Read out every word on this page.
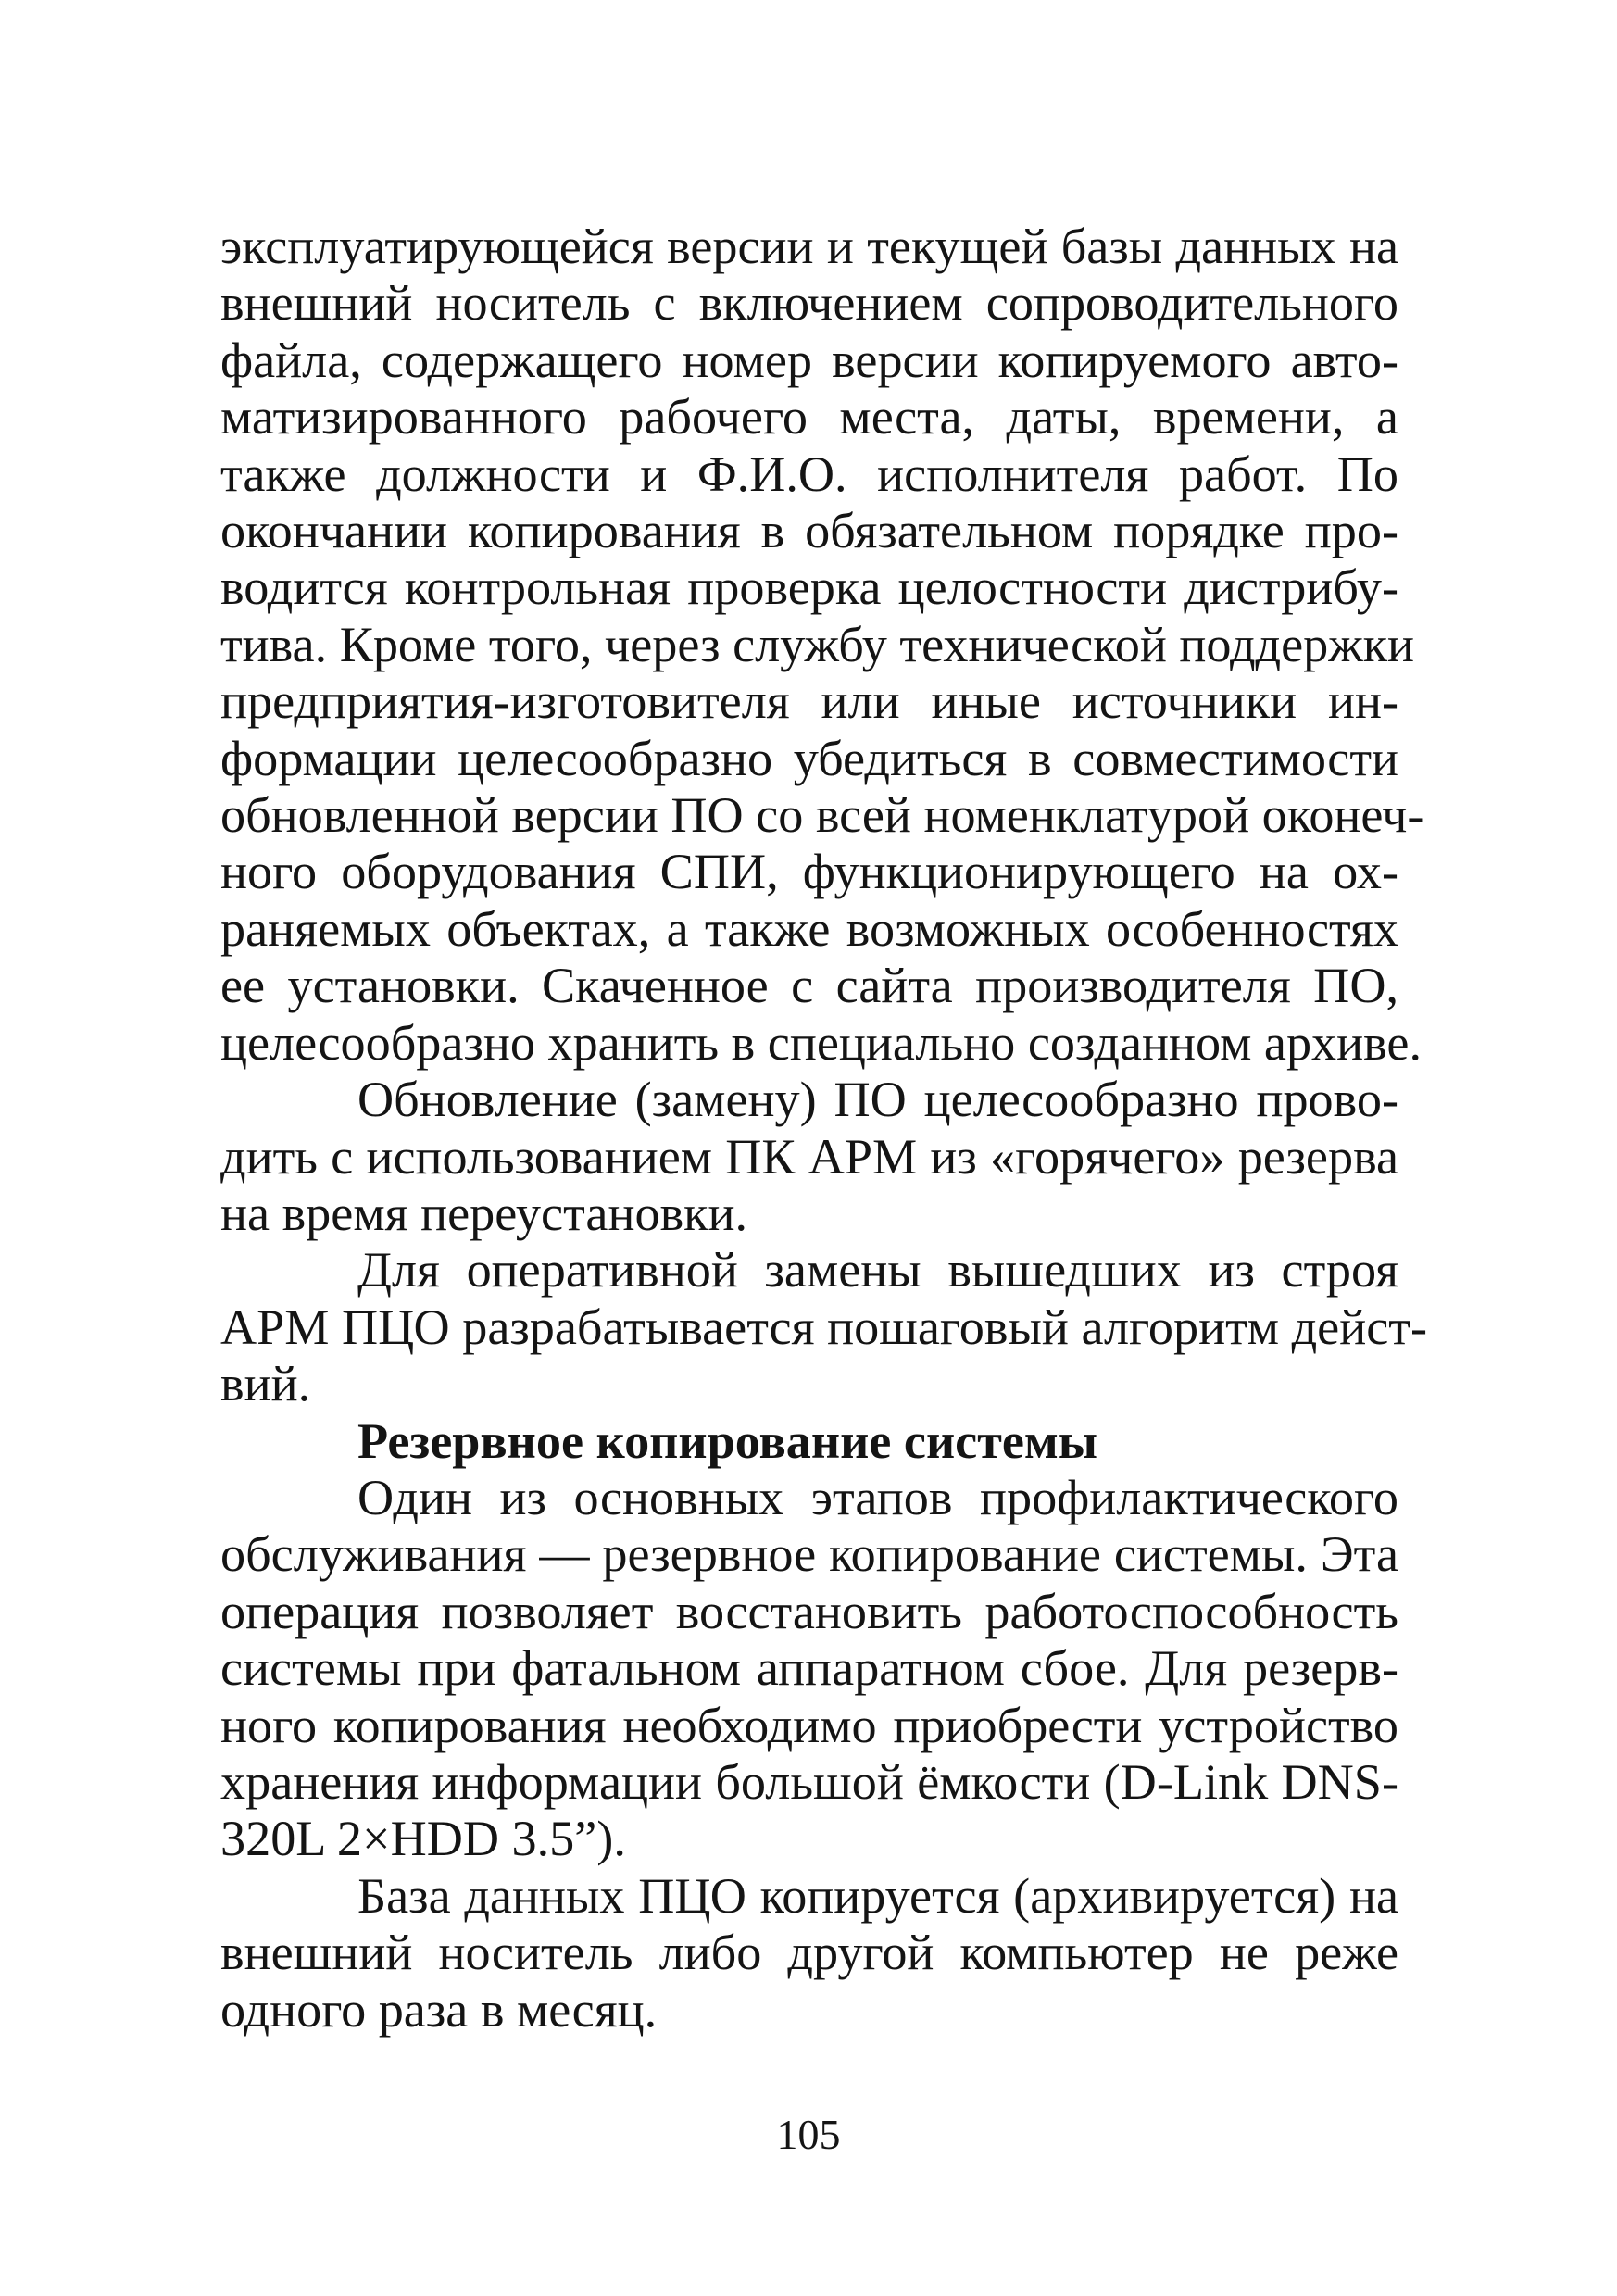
эксплуатирующейся версии и текущей базы данных на
внешний носитель с включением сопроводительного
файла, содержащего номер версии копируемого авто-
матизированного рабочего места, даты, времени, а
также должности и Ф.И.О. исполнителя работ. По
окончании копирования в обязательном порядке про-
водится контрольная проверка целостности дистрибу-
тива. Кроме того, через службу технической поддержки
предприятия-изготовителя или иные источники ин-
формации целесообразно убедиться в совместимости
обновленной версии ПО со всей номенклатурой оконеч-
ного оборудования СПИ, функционирующего на ох-
раняемых объектах, а также возможных особенностях
ее установки. Скаченное с сайта производителя ПО,
целесообразно хранить в специально созданном архиве.
Обновление (замену) ПО целесообразно прово-
дить с использованием ПК АРМ из «горячего» резерва
на время переустановки.
Для оперативной замены вышедших из строя
АРМ ПЦО разрабатывается пошаговый алгоритм дейст-
вий.
Резервное копирование системы
Один из основных этапов профилактического
обслуживания — резервное копирование системы. Эта
операция позволяет восстановить работоспособность
системы при фатальном аппаратном сбое. Для резерв-
ного копирования необходимо приобрести устройство
хранения информации большой ёмкости (D-Link DNS-
320L 2×HDD 3.5”).
База данных ПЦО копируется (архивируется) на
внешний носитель либо другой компьютер не реже
одного раза в месяц.
105
